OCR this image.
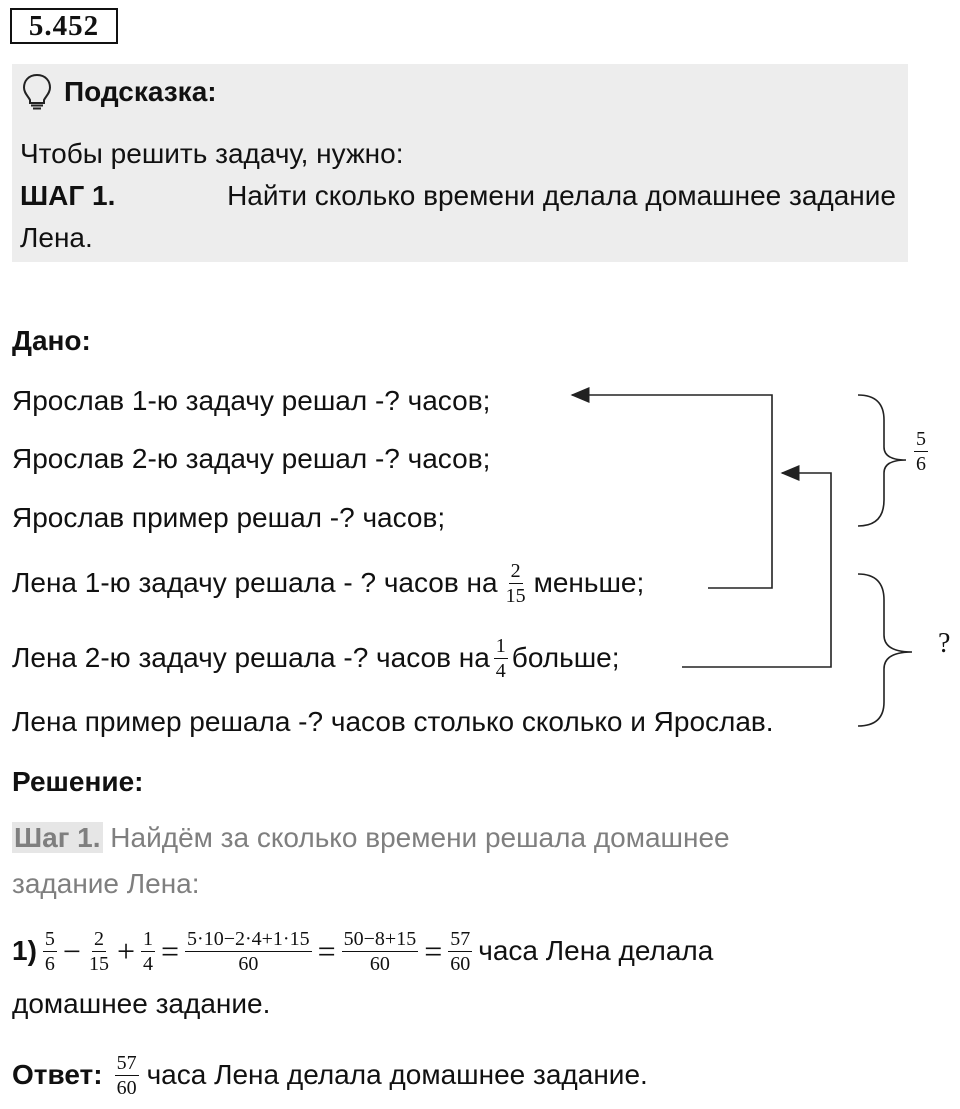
5.452
Подсказка:
Чтобы решить задачу, нужно:
ШАГ 1.	Найти сколько времени делала домашнее задание
Лена.
Дано:
Ярослав 1-ю задачу решал -? часов;
Ярослав 2-ю задачу решал -? часов;
Ярослав пример решал -? часов;
Лена 1-ю задачу решала - ? часов на $\frac{2}{15}$ меньше;
Лена 2-ю задачу решала -? часов на $\frac{1}{4}$ больше;
Лена пример решала -? часов столько сколько и Ярослав.
$\frac{5}{6}$
?
Решение:
Шаг 1. Найдём за сколько времени решала домашнее
задание Лена:
$1) \frac{5}{6} - \frac{2}{15} + \frac{1}{4} = \frac{5\cdot 10-2\cdot 4+1\cdot 15}{60} = \frac{50-8+15}{60} = \frac{57}{60}$ часа Лена делала
домашнее задание.
Ответ: $\frac{57}{60}$ часа Лена делала домашнее задание.
